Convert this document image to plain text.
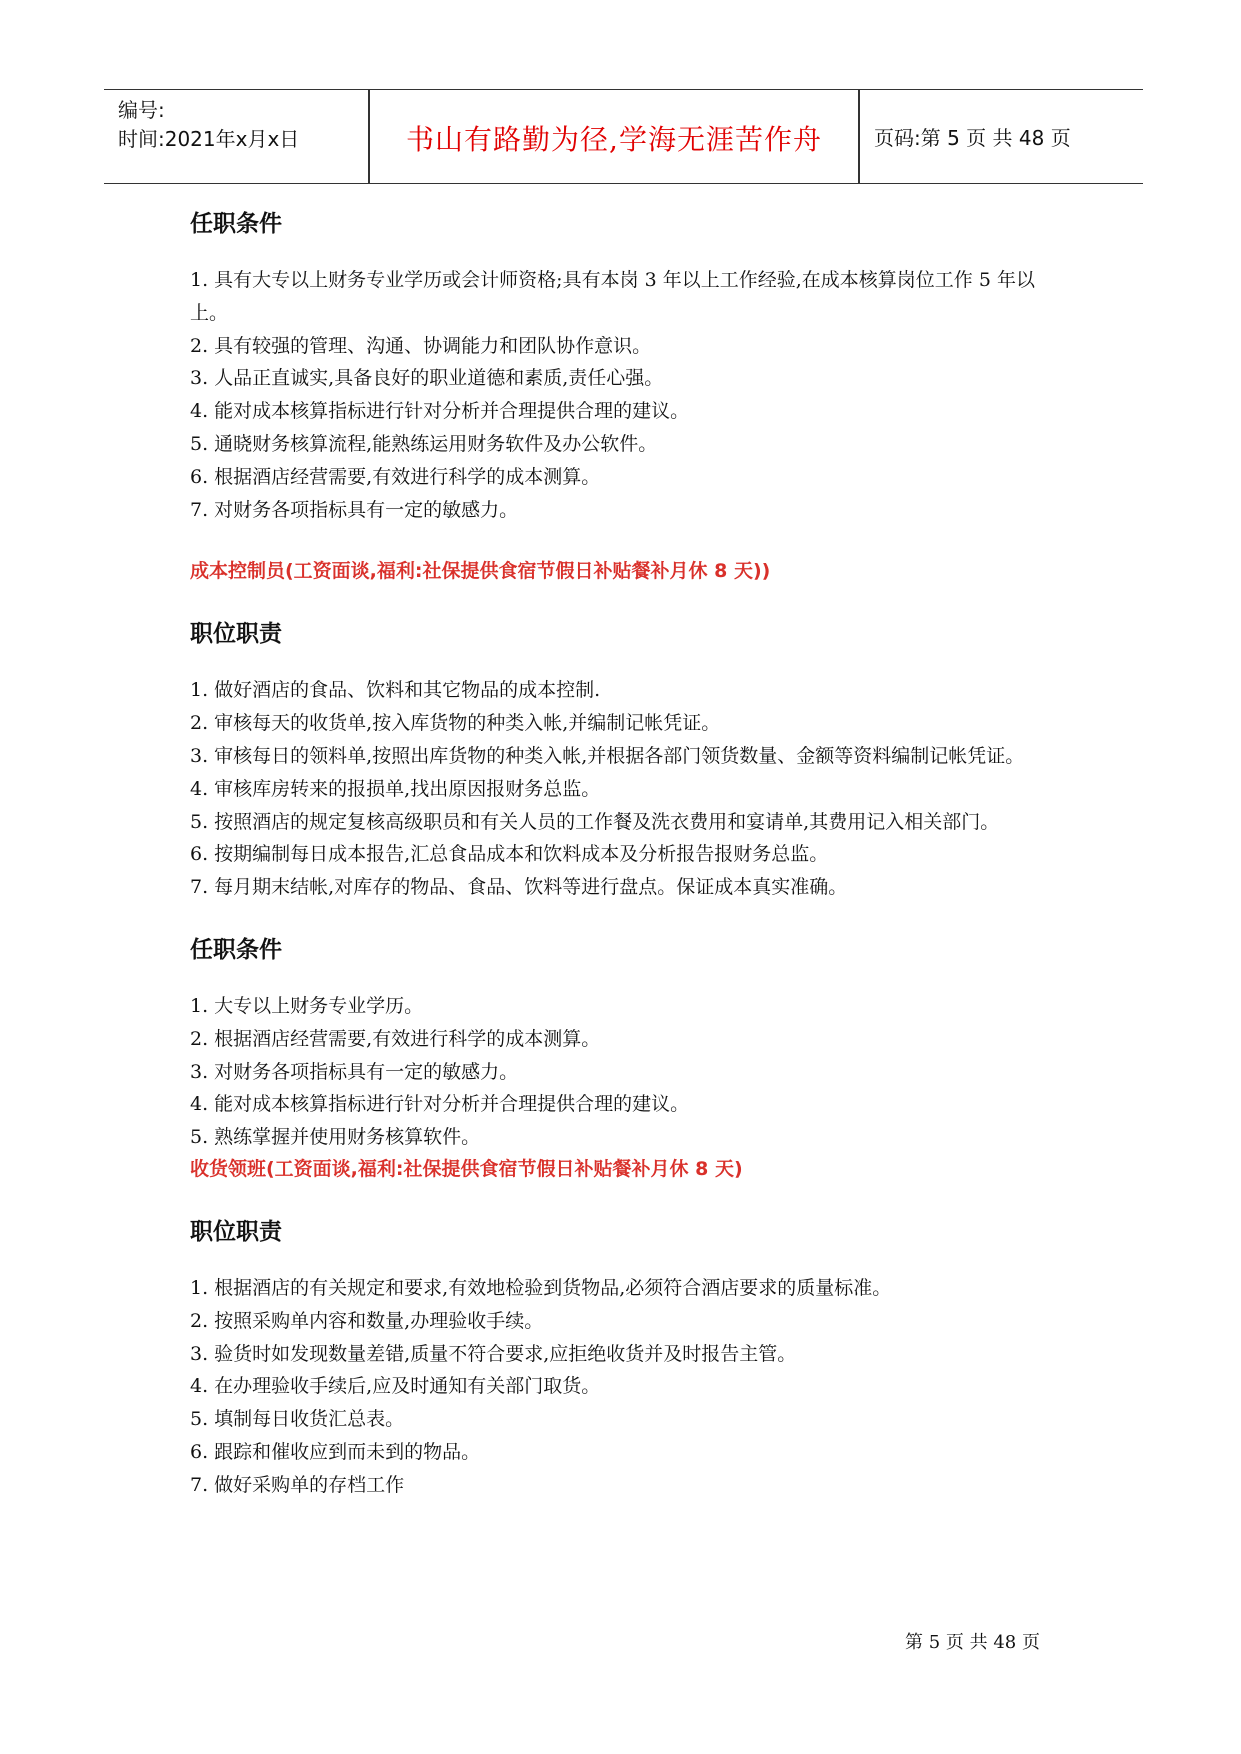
编号:
时间:2021年x月x日	书山有路勤为径,学海无涯苦作舟	页码:第 5 页 共 48 页
任职条件

1. 具有大专以上财务专业学历或会计师资格;具有本岗 3 年以上工作经验,在成本核算岗位工作 5 年以上。

2. 具有较强的管理、沟通、协调能力和团队协作意识。

3. 人品正直诚实,具备良好的职业道德和素质,责任心强。

4. 能对成本核算指标进行针对分析并合理提供合理的建议。

5. 通晓财务核算流程,能熟练运用财务软件及办公软件。

6. 根据酒店经营需要,有效进行科学的成本测算。

7. 对财务各项指标具有一定的敏感力。

成本控制员(工资面谈,福利:社保提供食宿节假日补贴餐补月休 8 天))

职位职责

1. 做好酒店的食品、饮料和其它物品的成本控制.

2. 审核每天的收货单,按入库货物的种类入帐,并编制记帐凭证。

3. 审核每日的领料单,按照出库货物的种类入帐,并根据各部门领货数量、金额等资料编制记帐凭证。

4. 审核库房转来的报损单,找出原因报财务总监。

5. 按照酒店的规定复核高级职员和有关人员的工作餐及洗衣费用和宴请单,其费用记入相关部门。

6. 按期编制每日成本报告,汇总食品成本和饮料成本及分析报告报财务总监。

7. 每月期末结帐,对库存的物品、食品、饮料等进行盘点。保证成本真实准确。

任职条件

1. 大专以上财务专业学历。

2. 根据酒店经营需要,有效进行科学的成本测算。

3. 对财务各项指标具有一定的敏感力。

4. 能对成本核算指标进行针对分析并合理提供合理的建议。

5. 熟练掌握并使用财务核算软件。

收货领班(工资面谈,福利:社保提供食宿节假日补贴餐补月休 8 天)

职位职责

1. 根据酒店的有关规定和要求,有效地检验到货物品,必须符合酒店要求的质量标准。

2. 按照采购单内容和数量,办理验收手续。

3. 验货时如发现数量差错,质量不符合要求,应拒绝收货并及时报告主管。

4. 在办理验收手续后,应及时通知有关部门取货。

5. 填制每日收货汇总表。

6. 跟踪和催收应到而未到的物品。

7. 做好采购单的存档工作

第 5 页 共 48 页
